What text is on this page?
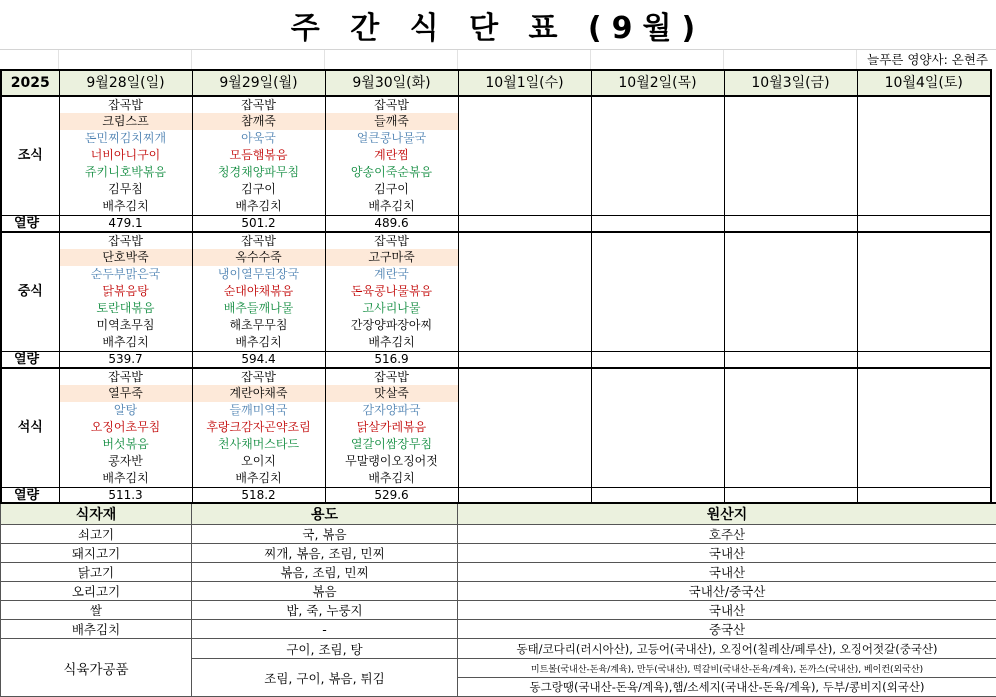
주 간 식 단 표 (9월)
늘푸른 영양사: 온현주
2025	9월28일(일)	9월29일(월)	9월30일(화)	10월1일(수)	10월2일(목)	10월3일(금)	10월4일(토)
조식	잡곡밥	잡곡밥	잡곡밥				
	크림스프	참깨죽	들깨죽				
	돈민찌김치찌개	아욱국	얼큰콩나물국				
	너비아니구이	모듬햄볶음	계란찜				
	쥬키니호박볶음	청경채양파무침	양송이죽순볶음				
	김무침	김구이	김구이				
	배추김치	배추김치	배추김치				
열량	479.1	501.2	489.6				
중식	잡곡밥	잡곡밥	잡곡밥				
	단호박죽	옥수수죽	고구마죽				
	순두부맑은국	냉이열무된장국	계란국				
	닭볶음탕	순대야채볶음	돈육콩나물볶음				
	토란대볶음	배추들깨나물	고사리나물				
	미역초무침	해초무무침	간장양파장아찌				
	배추김치	배추김치	배추김치				
열량	539.7	594.4	516.9				
석식	잡곡밥	잡곡밥	잡곡밥				
	열무죽	계란야채죽	맛살죽				
	알탕	들깨미역국	감자양파국				
	오징어초무침	후랑크감자곤약조림	닭살카레볶음				
	버섯볶음	천사채머스타드	열갈이쌈장무침				
	콩자반	오이지	무말랭이오징어젓				
	배추김치	배추김치	배추김치				
열량	511.3	518.2	529.6				
식자재	용도	원산지
쇠고기	국, 볶음	호주산
돼지고기	찌개, 볶음, 조림, 민찌	국내산
닭고기	볶음, 조림, 민찌	국내산
오리고기	볶음	국내산/중국산
쌀	밥, 죽, 누룽지	국내산
배추김치	-	중국산
식육가공품	구이, 조림, 탕	동태/코다리(러시아산), 고등어(국내산), 오징어(칠레산/페루산), 오징어젓갈(중국산)
	조림, 구이, 볶음, 튀김	미트볼(국내산-돈육/계육), 만두(국내산), 떡갈비(국내산-돈육/계육), 돈까스(국내산), 베이컨(외국산)
		동그랑땡(국내산-돈육/계육),햄/소세지(국내산-돈육/계육), 두부/콩비지(외국산)
